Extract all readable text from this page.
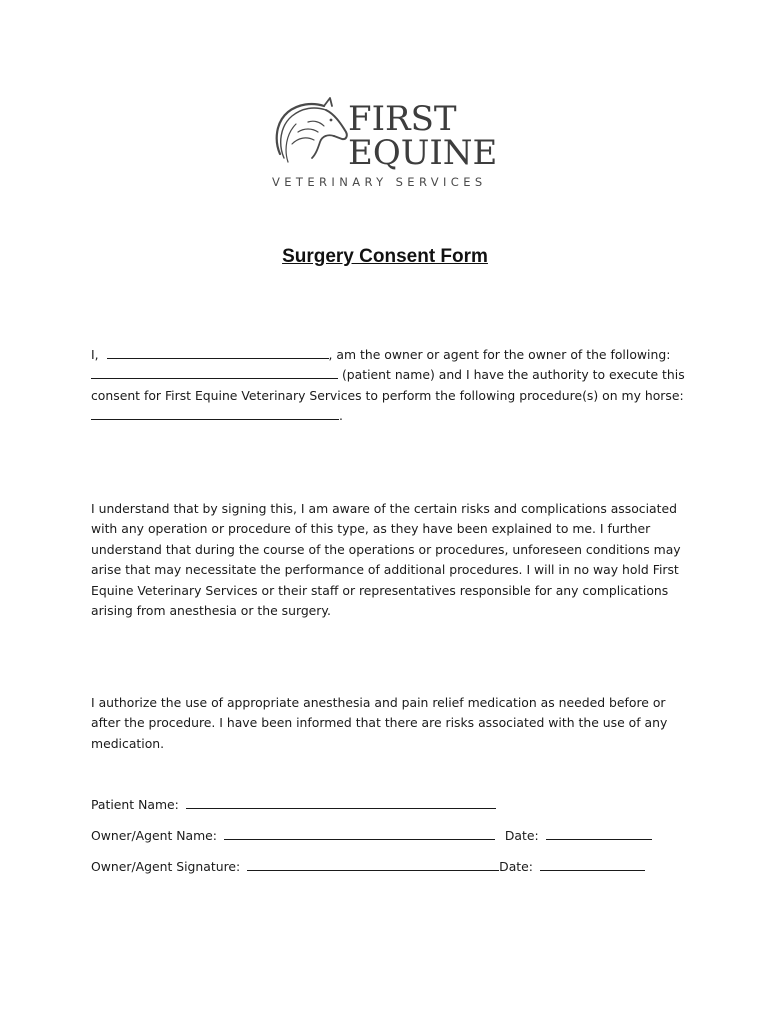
FIRST
EQUINE
VETERINARY SERVICES
Surgery Consent Form
I,	, am the owner or agent for the owner of the following:
(patient name) and I have the authority to execute this
consent for First Equine Veterinary Services to perform the following procedure(s) on my horse:
.
I understand that by signing this, I am aware of the certain risks and complications associated
with any operation or procedure of this type, as they have been explained to me. I further
understand that during the course of the operations or procedures, unforeseen conditions may
arise that may necessitate the performance of additional procedures. I will in no way hold First
Equine Veterinary Services or their staff or representatives responsible for any complications
arising from anesthesia or the surgery.
I authorize the use of appropriate anesthesia and pain relief medication as needed before or
after the procedure. I have been informed that there are risks associated with the use of any
medication.
Patient Name:
Owner/Agent Name:	Date:
Owner/Agent Signature:	Date:
